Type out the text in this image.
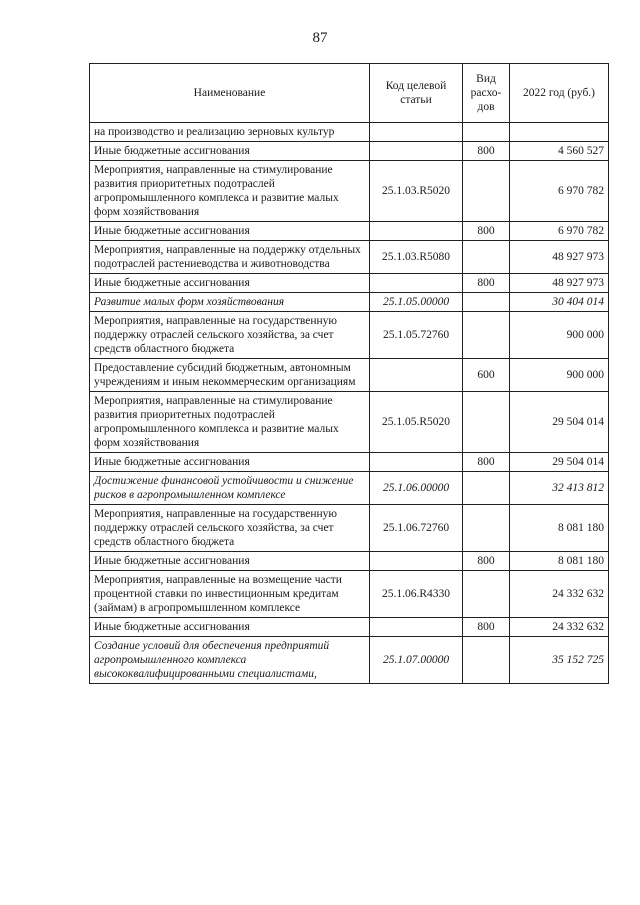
87
Наименование	Код целевой статьи	Вид расхо-дов	2022 год (руб.)
на производство и реализацию зерновых культур			
Иные бюджетные ассигнования		800	4 560 527
Мероприятия, направленные на стимулирование развития приоритетных подотраслей агропромышленного комплекса и развитие малых форм хозяйствования	25.1.03.R5020		6 970 782
Иные бюджетные ассигнования		800	6 970 782
Мероприятия, направленные на поддержку отдельных подотраслей растениеводства и животноводства	25.1.03.R5080		48 927 973
Иные бюджетные ассигнования		800	48 927 973
Развитие малых форм хозяйствования	25.1.05.00000		30 404 014
Мероприятия, направленные на государственную поддержку отраслей сельского хозяйства, за счет средств областного бюджета	25.1.05.72760		900 000
Предоставление субсидий бюджетным, автономным учреждениям и иным некоммерческим организациям		600	900 000
Мероприятия, направленные на стимулирование развития приоритетных подотраслей агропромышленного комплекса и развитие малых форм хозяйствования	25.1.05.R5020		29 504 014
Иные бюджетные ассигнования		800	29 504 014
Достижение финансовой устойчивости и снижение рисков в агропромышленном комплексе	25.1.06.00000		32 413 812
Мероприятия, направленные на государственную поддержку отраслей сельского хозяйства, за счет средств областного бюджета	25.1.06.72760		8 081 180
Иные бюджетные ассигнования		800	8 081 180
Мероприятия, направленные на возмещение части процентной ставки по инвестиционным кредитам (займам) в агропромышленном комплексе	25.1.06.R4330		24 332 632
Иные бюджетные ассигнования		800	24 332 632
Создание условий для обеспечения предприятий агропромышленного комплекса высококвалифицированными специалистами,	25.1.07.00000		35 152 725
